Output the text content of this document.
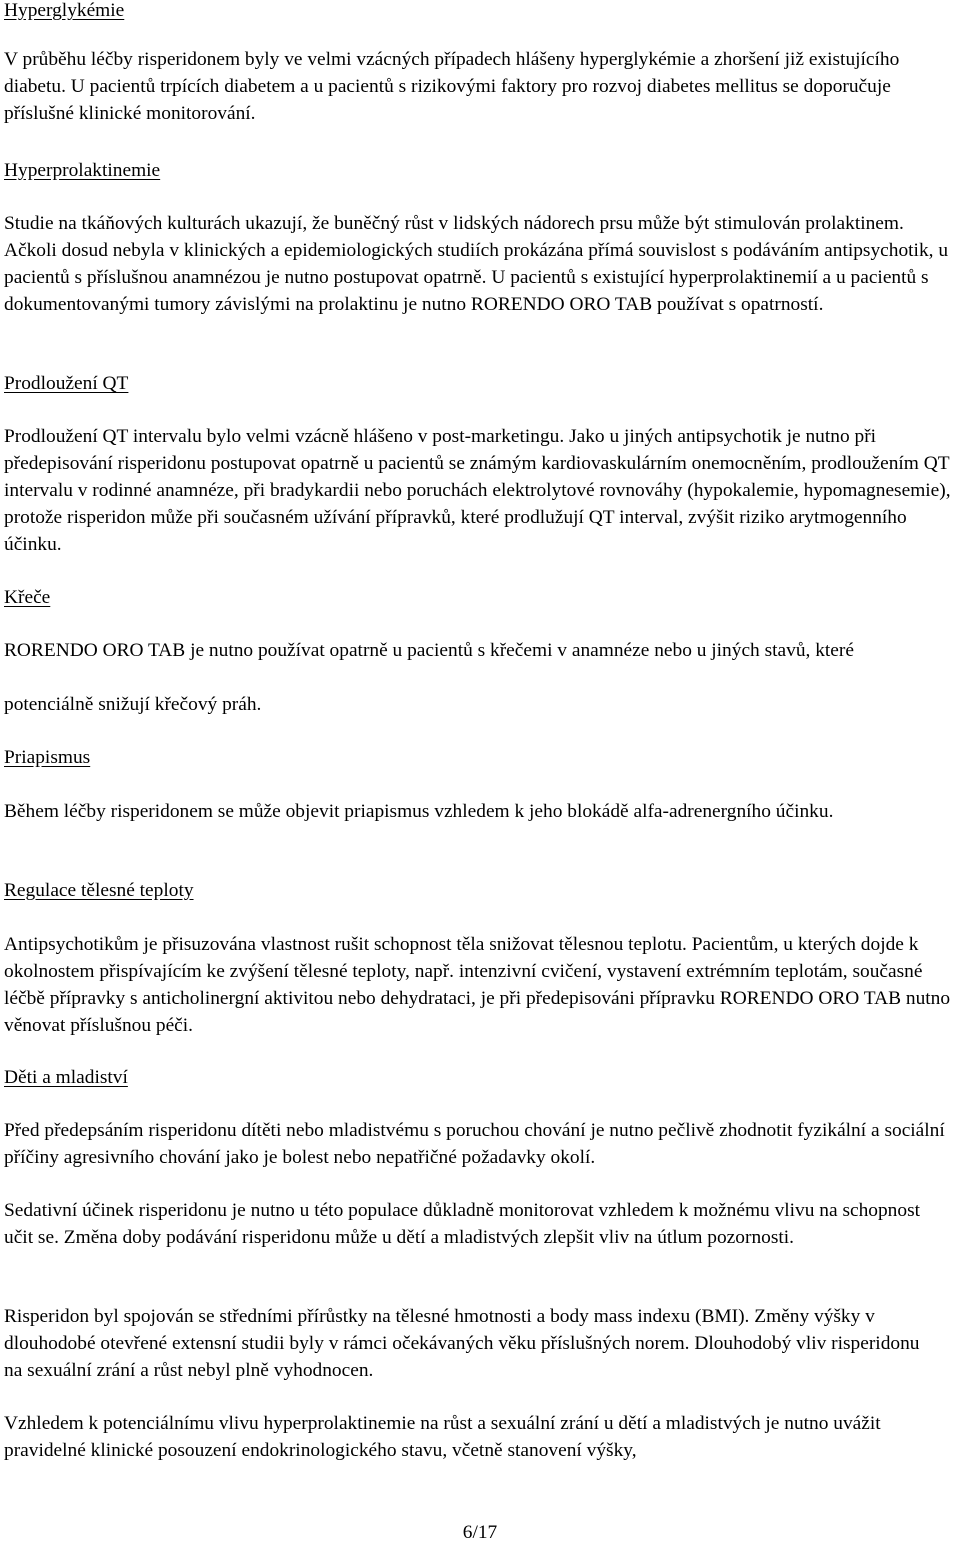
Hyperglykémie

V průběhu léčby risperidonem byly ve velmi vzácných případech hlášeny hyperglykémie a zhoršení již existujícího diabetu. U pacientů trpících diabetem a u pacientů s rizikovými faktory pro rozvoj diabetes mellitus se doporučuje příslušné klinické monitorování.

Hyperprolaktinemie

Studie na tkáňových kulturách ukazují, že buněčný růst v lidských nádorech prsu může být stimulován prolaktinem. Ačkoli dosud nebyla v klinických a epidemiologických studiích prokázána přímá souvislost s podáváním antipsychotik, u pacientů s příslušnou anamnézou je nutno postupovat opatrně. U pacientů s existující hyperprolaktinemií a u pacientů s dokumentovanými tumory závislými na prolaktinu je nutno RORENDO ORO TAB používat s opatrností.

Prodloužení QT

Prodloužení QT intervalu bylo velmi vzácně hlášeno v post-marketingu. Jako u jiných antipsychotik je nutno při předepisování risperidonu postupovat opatrně u pacientů se známým kardiovaskulárním onemocněním, prodloužením QT intervalu v rodinné anamnéze, při bradykardii nebo poruchách elektrolytové rovnováhy (hypokalemie, hypomagnesemie), protože risperidon může při současném užívání přípravků, které prodlužují QT interval, zvýšit riziko arytmogenního účinku.

Křeče

RORENDO ORO TAB je nutno používat opatrně u pacientů s křečemi v anamnéze nebo u jiných stavů, které

potenciálně snižují křečový práh.

Priapismus

Během léčby risperidonem se může objevit priapismus vzhledem k jeho blokádě alfa-adrenergního účinku.

Regulace tělesné teploty

Antipsychotikům je přisuzována vlastnost rušit schopnost těla snižovat tělesnou teplotu. Pacientům, u kterých dojde k okolnostem přispívajícím ke zvýšení tělesné teploty, např. intenzivní cvičení, vystavení extrémním teplotám, současné léčbě přípravky s anticholinergní aktivitou nebo dehydrataci, je při předepisováni přípravku RORENDO ORO TAB nutno věnovat příslušnou péči.

Děti a mladiství

Před předepsáním risperidonu dítěti nebo mladistvému s poruchou chování je nutno pečlivě zhodnotit fyzikální a sociální příčiny agresivního chování jako je bolest nebo nepatřičné požadavky okolí.

Sedativní účinek risperidonu je nutno u této populace důkladně monitorovat vzhledem k možnému vlivu na schopnost učit se. Změna doby podávání risperidonu může u dětí a mladistvých zlepšit vliv na útlum pozornosti.

Risperidon byl spojován se středními přírůstky na tělesné hmotnosti a body mass indexu (BMI). Změny výšky v dlouhodobé otevřené extensní studii byly v rámci očekávaných věku příslušných norem. Dlouhodobý vliv risperidonu na sexuální zrání a růst nebyl plně vyhodnocen.

Vzhledem k potenciálnímu vlivu hyperprolaktinemie na růst a sexuální zrání u dětí a mladistvých je nutno uvážit pravidelné klinické posouzení endokrinologického stavu, včetně stanovení výšky,

6/17
